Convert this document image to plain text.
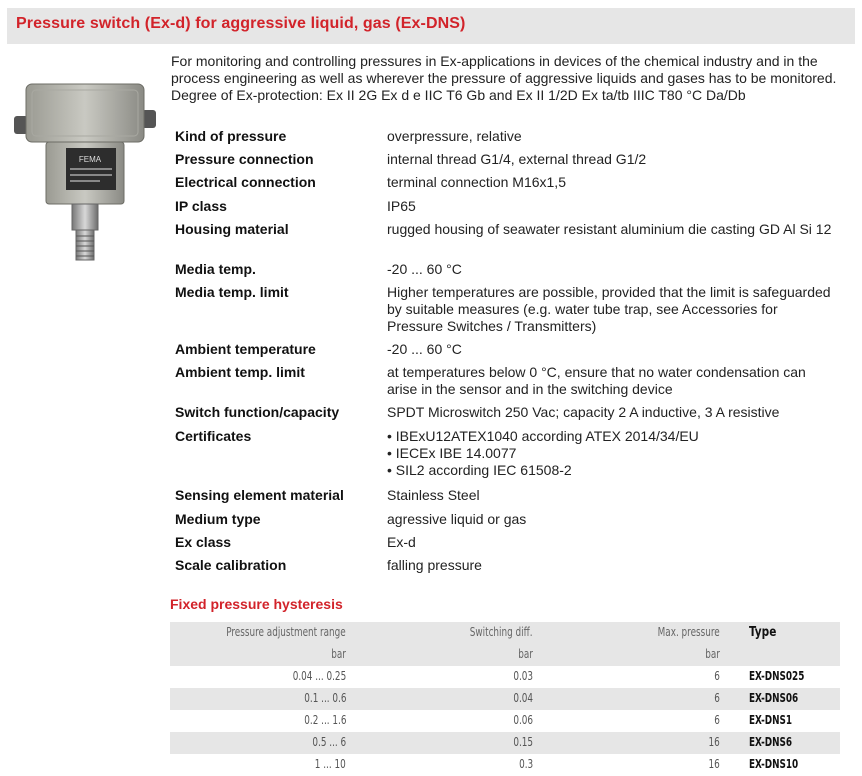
Pressure switch (Ex-d) for aggressive liquid, gas (Ex-DNS)
FEMA
For monitoring and controlling pressures in Ex-applications in devices of the chemical industry and in the process engineering as well as wherever the pressure of aggressive liquids and gases has to be monitored. Degree of Ex-protection: Ex II 2G Ex d e IIC T6 Gb and Ex II 1/2D Ex ta/tb IIIC T80 °C Da/Db
Kind of pressure	overpressure, relative
Pressure connection	internal thread G1/4, external thread G1/2
Electrical connection	terminal connection M16x1,5
IP class	IP65
Housing material	rugged housing of seawater resistant aluminium die casting GD Al Si 12
Media temp.	-20 ... 60 °C
Media temp. limit	Higher temperatures are possible, provided that the limit is safeguarded by suitable measures (e.g. water tube trap, see Accessories for Pressure Switches / Transmitters)
Ambient temperature	-20 ... 60 °C
Ambient temp. limit	at temperatures below 0 °C, ensure that no water condensation can arise in the sensor and in the switching device
Switch function/capacity	SPDT Microswitch 250 Vac; capacity 2 A inductive, 3 A resistive
Certificates	• IBExU12ATEX1040 according ATEX 2014/34/EU
• IECEx IBE 14.0077
• SIL2 according IEC 61508-2
Sensing element material	Stainless Steel
Medium type	agressive liquid or gas
Ex class	Ex-d
Scale calibration	falling pressure
Fixed pressure hysteresis
Pressure adjustment range	Switching diff.	Max. pressure Type
bar	bar	bar
0.04 ... 0.25	0.03	6 EX-DNS025
0.1 ... 0.6	0.04	6 EX-DNS06
0.2 ... 1.6	0.06	6 EX-DNS1
0.5 ... 6	0.15	16 EX-DNS6
1 ... 10	0.3	16 EX-DNS10
